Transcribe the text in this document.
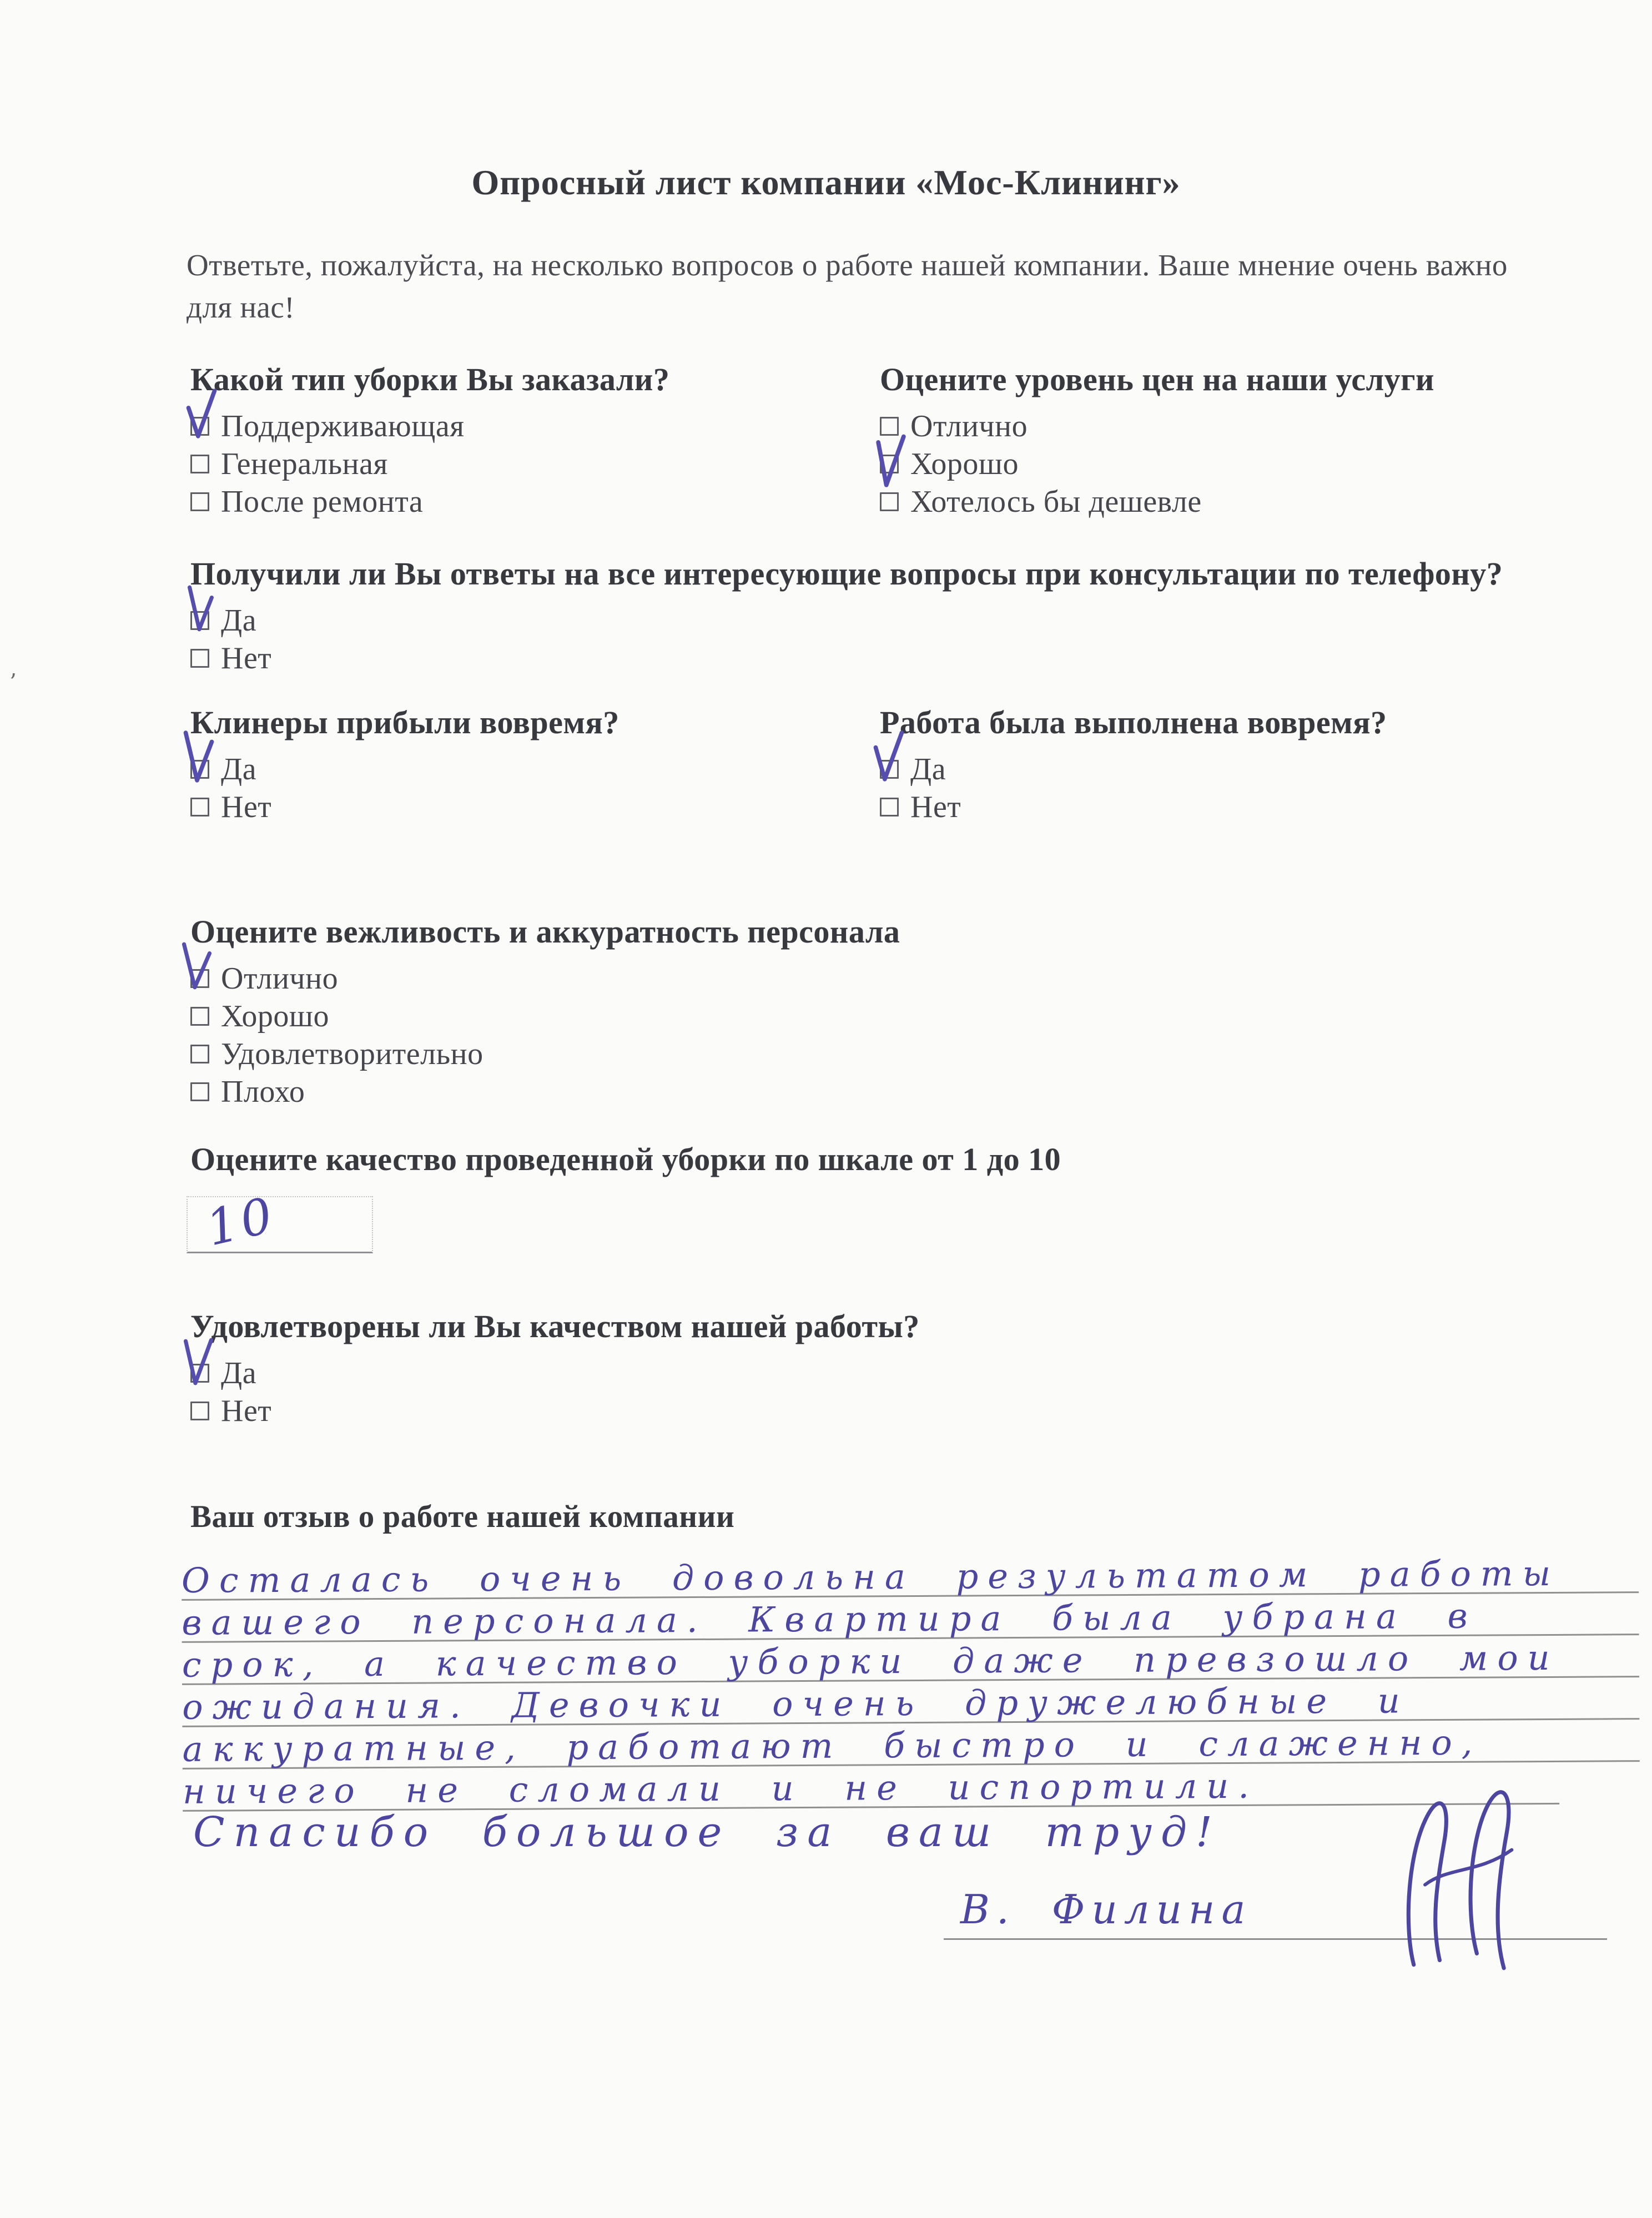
Опросный лист компании «Мос-Клининг»
Ответьте, пожалуйста, на несколько вопросов о работе нашей компании. Ваше мнение очень важно для нас!
Какой тип уборки Вы заказали?
Поддерживающая
Генеральная
После ремонта
Оцените уровень цен на наши услуги
Отлично
Хорошо
Хотелось бы дешевле
Получили ли Вы ответы на все интересующие вопросы при консультации по телефону?
Да
Нет
Клинеры прибыли вовремя?
Да
Нет
Работа была выполнена вовремя?
Да
Нет
Оцените вежливость и аккуратность персонала
Отлично
Хорошо
Удовлетворительно
Плохо
Оцените качество проведенной уборки по шкале от 1 до 10
10
Удовлетворены ли Вы качеством нашей работы?
Да
Нет
Ваш отзыв о работе нашей компании
Осталась очень довольна результатом работы
вашего персонала. Квартира была убрана в
срок, а качество уборки даже превзошло мои
ожидания. Девочки очень дружелюбные и
аккуратные, работают быстро и слаженно,
ничего не сломали и не испортили.
Спасибо большое за ваш труд!
В. Филина
ʼ
